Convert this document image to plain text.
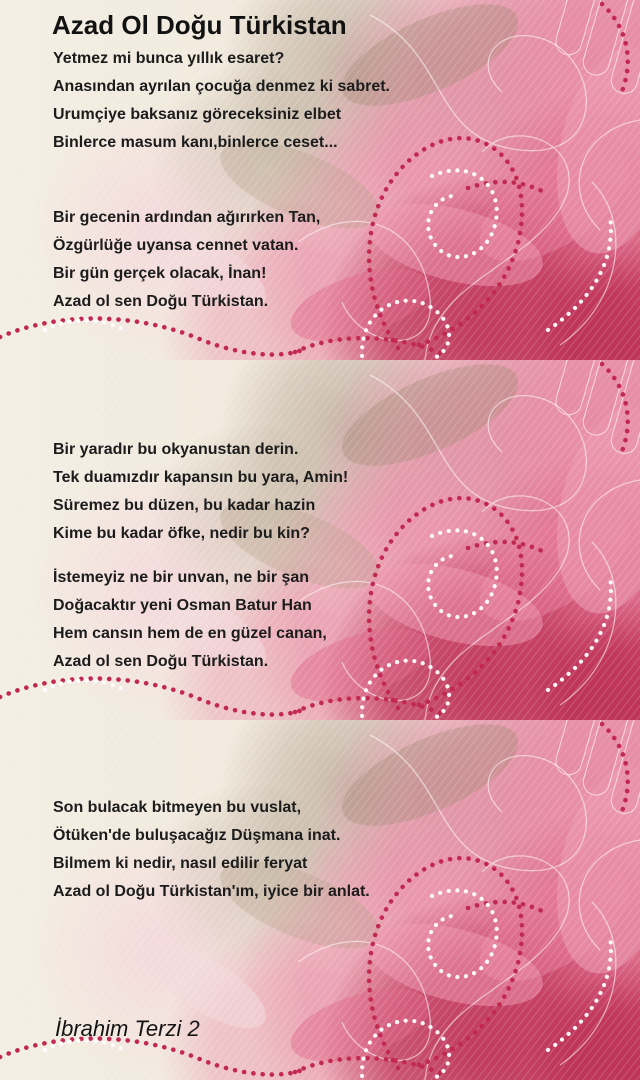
Azad Ol Doğu Türkistan
Yetmez mi bunca yıllık esaret?
Anasından ayrılan çocuğa denmez ki sabret.
Urumçiye baksanız göreceksiniz elbet
Binlerce masum kanı,binlerce ceset...
Bir gecenin ardından ağırırken Tan,
Özgürlüğe uyansa cennet vatan.
Bir gün gerçek olacak, İnan!
Azad ol sen Doğu Türkistan.
Bir yaradır bu okyanustan derin.
Tek duamızdır kapansın bu yara, Amin!
Süremez bu düzen, bu kadar hazin
Kime bu kadar öfke, nedir bu kin?
İstemeyiz ne bir unvan, ne bir şan
Doğacaktır yeni Osman Batur Han
Hem cansın hem de en güzel canan,
Azad ol sen Doğu Türkistan.
Son bulacak bitmeyen bu vuslat,
Ötüken'de buluşacağız Düşmana inat.
Bilmem ki nedir, nasıl edilir feryat
Azad ol Doğu Türkistan'ım, iyice bir anlat.
İbrahim Terzi 2
